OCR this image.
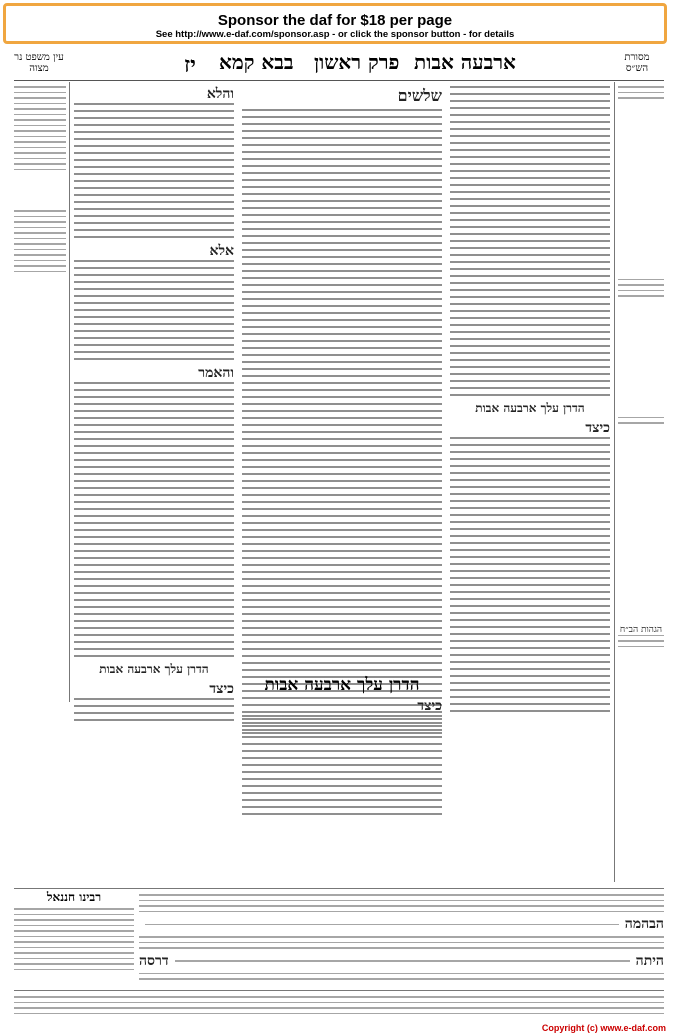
Sponsor the daf for $18 per page
See http://www.e-daf.com/sponsor.asp - or click the sponsor button - for details
עין משפט נר מצוה	יז בבא קמא פרק ראשון ארבעה אבות	מסורת הש״ס
והלא
אלא
והאמר
הדרן עלך ארבעה אבות
כיצד
שלשים
הדרן עלך ארבעה אבות
כיצד
הדרן עלך ארבעה אבות
כיצד
הגהות הב״ח
רבינו חננאל
הבהמה
היתה
דרסה
Copyright (c) www.e-daf.com
